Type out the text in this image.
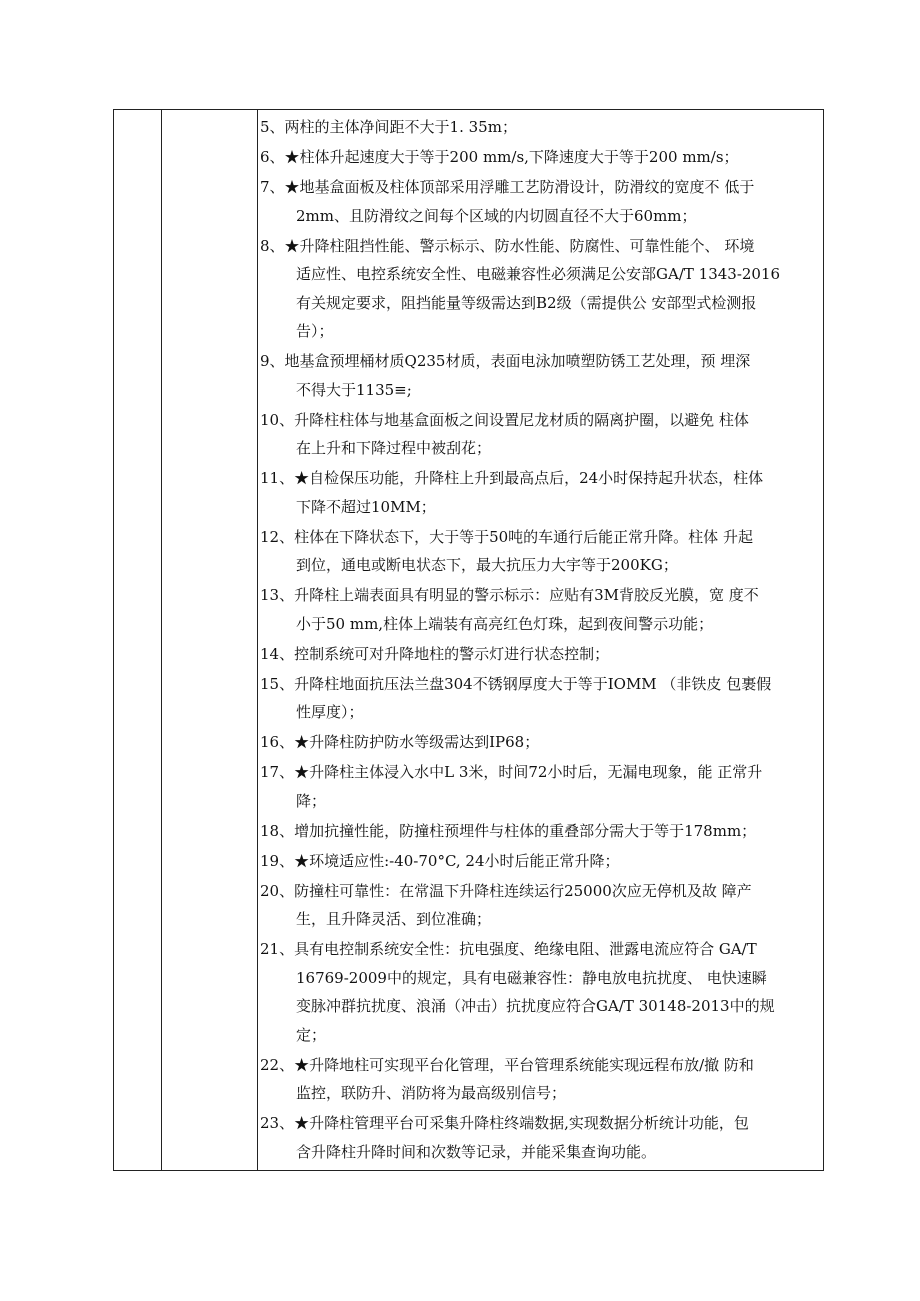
5、两柱的主体净间距不大于1. 35m；
6、★柱体升起速度大于等于200 mm/s,下降速度大于等于200 mm/s；
7、★地基盒面板及柱体顶部采用浮雕工艺防滑设计，防滑纹的宽度不 低于
2mm、且防滑纹之间每个区域的内切圆直径不大于60mm；
8、★升降柱阻挡性能、警示标示、防水性能、防腐性、可靠性能个、 环境
适应性、电控系统安全性、电磁兼容性必须满足公安部GA/T 1343-2016
有关规定要求，阻挡能量等级需达到B2级（需提供公 安部型式检测报
告）；
9、地基盒预埋桶材质Q235材质，表面电泳加喷塑防锈工艺处理，预 埋深
不得大于1135≡;
10、升降柱柱体与地基盒面板之间设置尼龙材质的隔离护圈，以避免 柱体
在上升和下降过程中被刮花；
11、★自检保压功能，升降柱上升到最高点后，24小时保持起升状态，柱体
下降不超过10MM；
12、柱体在下降状态下，大于等于50吨的车通行后能正常升降。柱体 升起
到位，通电或断电状态下，最大抗压力大宇等于200KG；
13、升降柱上端表面具有明显的警示标示：应贴有3M背胶反光膜，宽 度不
小于50 mm,柱体上端装有高亮红色灯珠，起到夜间警示功能；
14、控制系统可对升降地柱的警示灯进行状态控制；
15、升降柱地面抗压法兰盘304不锈钢厚度大于等于IOMM （非铁皮 包裹假
性厚度）；
16、★升降柱防护防水等级需达到IP68；
17、★升降柱主体浸入水中L 3米，时间72小时后，无漏电现象，能 正常升
降；
18、增加抗撞性能，防撞柱预埋件与柱体的重叠部分需大于等于178mm；
19、★环境适应性:-40-70°C, 24小时后能正常升降；
20、防撞柱可靠性：在常温下升降柱连续运行25000次应无停机及故 障产
生，且升降灵活、到位准确；
21、具有电控制系统安全性：抗电强度、绝缘电阻、泄露电流应符合 GA/T
16769-2009中的规定，具有电磁兼容性：静电放电抗扰度、 电快速瞬
变脉冲群抗扰度、浪涌（冲击）抗扰度应符合GA/T 30148-2013中的规
定；
22、★升降地柱可实现平台化管理，平台管理系统能实现远程布放/撤 防和
监控，联防升、消防将为最高级别信号；
23、★升降柱管理平台可采集升降柱终端数据,实现数据分析统计功能，包
含升降柱升降时间和次数等记录，并能采集查询功能。
